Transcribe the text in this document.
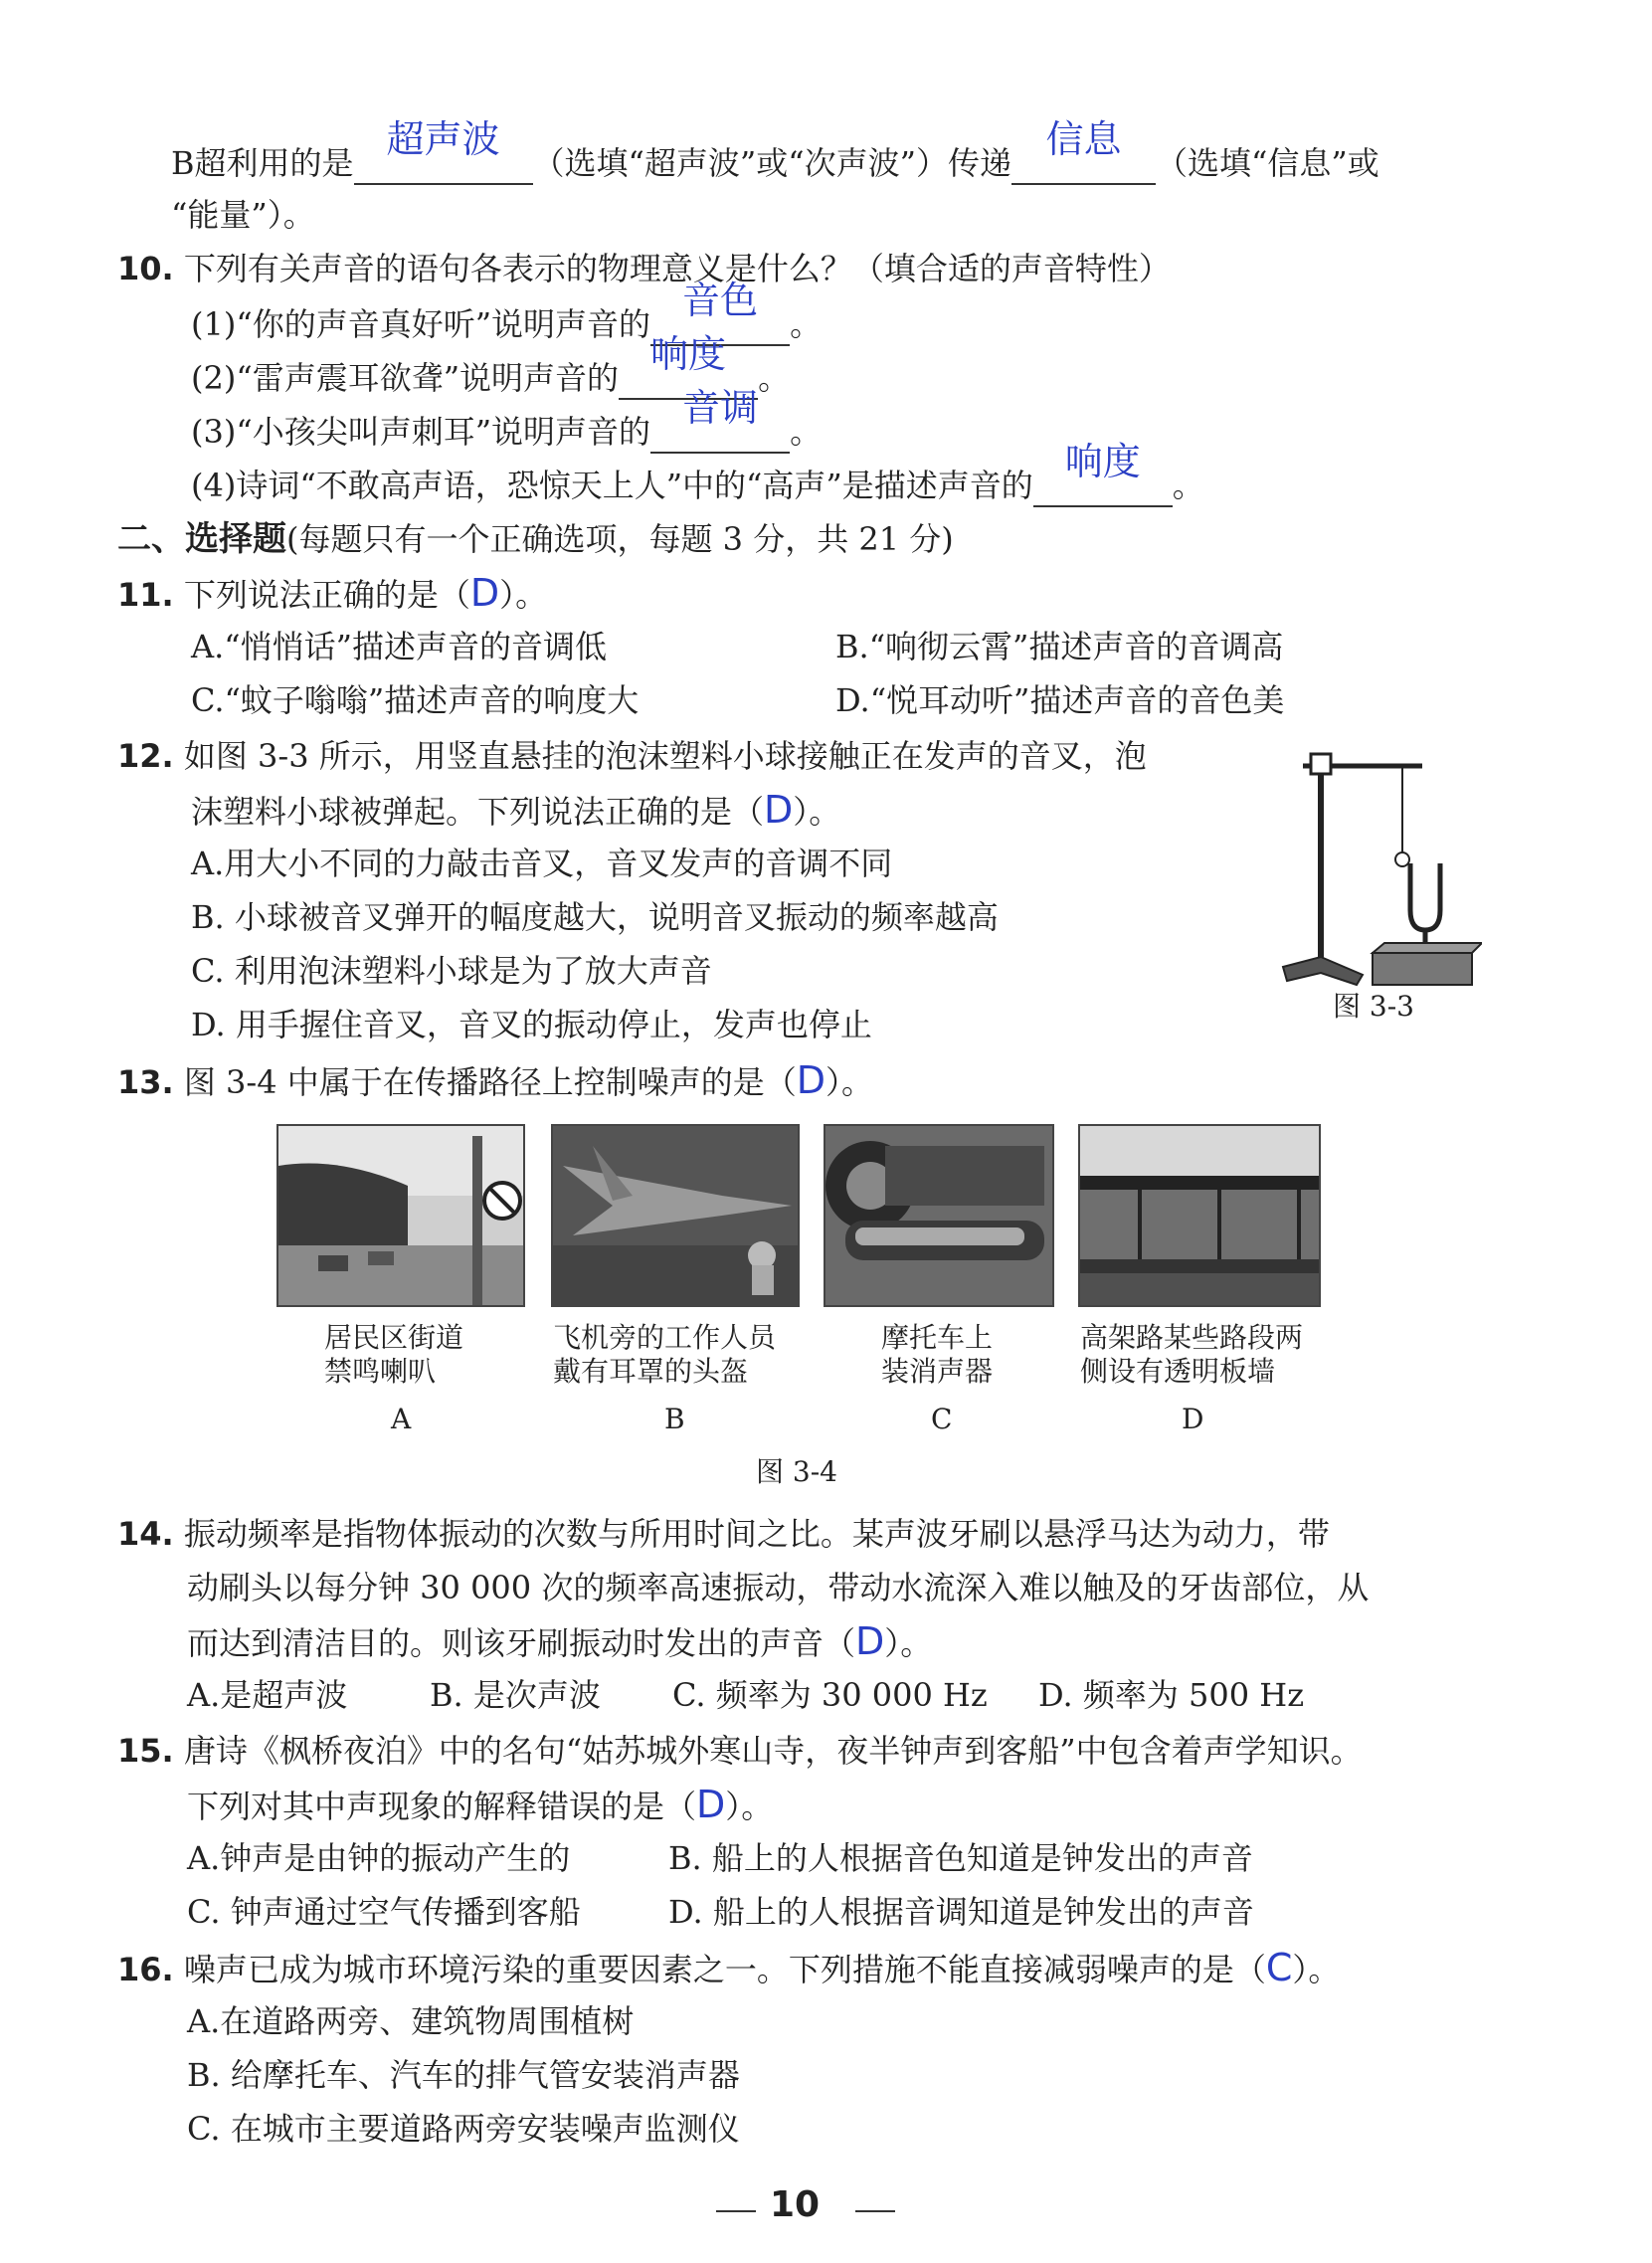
B超利用的是
超声波
（选填“超声波”或“次声波”）传递
信息
（选填“信息”或
“能量”）。
10. 下列有关声音的语句各表示的物理意义是什么？（填合适的声音特性）
(1)“你的声音真好听”说明声音的
音色
。
(2)“雷声震耳欲聋”说明声音的
响度
。
(3)“小孩尖叫声刺耳”说明声音的
音调
。
(4)诗词“不敢高声语，恐惊天上人”中的“高声”是描述声音的
响度
。
二、选择题(每题只有一个正确选项，每题 3 分，共 21 分)
11. 下列说法正确的是（D）。
A.“悄悄话”描述声音的音调低	B.“响彻云霄”描述声音的音调高
C.“蚊子嗡嗡”描述声音的响度大	D.“悦耳动听”描述声音的音色美
12. 如图 3-3 所示，用竖直悬挂的泡沫塑料小球接触正在发声的音叉，泡
沫塑料小球被弹起。下列说法正确的是（D）。
A.用大小不同的力敲击音叉，音叉发声的音调不同
B. 小球被音叉弹开的幅度越大，说明音叉振动的频率越高
C. 利用泡沫塑料小球是为了放大声音
D. 用手握住音叉，音叉的振动停止，发声也停止	图 3-3
13. 图 3-4 中属于在传播路径上控制噪声的是（D）。
居民区街道
禁鸣喇叭
飞机旁的工作人员
戴有耳罩的头盔
摩托车上
装消声器
高架路某些路段两
侧设有透明板墙
A	B	C	D
图 3-4
14. 振动频率是指物体振动的次数与所用时间之比。某声波牙刷以悬浮马达为动力，带
动刷头以每分钟 30 000 次的频率高速振动，带动水流深入难以触及的牙齿部位，从
而达到清洁目的。则该牙刷振动时发出的声音（D）。
A.是超声波	B. 是次声波 C. 频率为 30 000 Hz D. 频率为 500 Hz
15. 唐诗《枫桥夜泊》中的名句“姑苏城外寒山寺，夜半钟声到客船”中包含着声学知识。
下列对其中声现象的解释错误的是（D）。
A.钟声是由钟的振动产生的	B. 船上的人根据音色知道是钟发出的声音
C. 钟声通过空气传播到客船	D. 船上的人根据音调知道是钟发出的声音
16. 噪声已成为城市环境污染的重要因素之一。下列措施不能直接减弱噪声的是（C）。
A.在道路两旁、建筑物周围植树
B. 给摩托车、汽车的排气管安装消声器
C. 在城市主要道路两旁安装噪声监测仪
10
